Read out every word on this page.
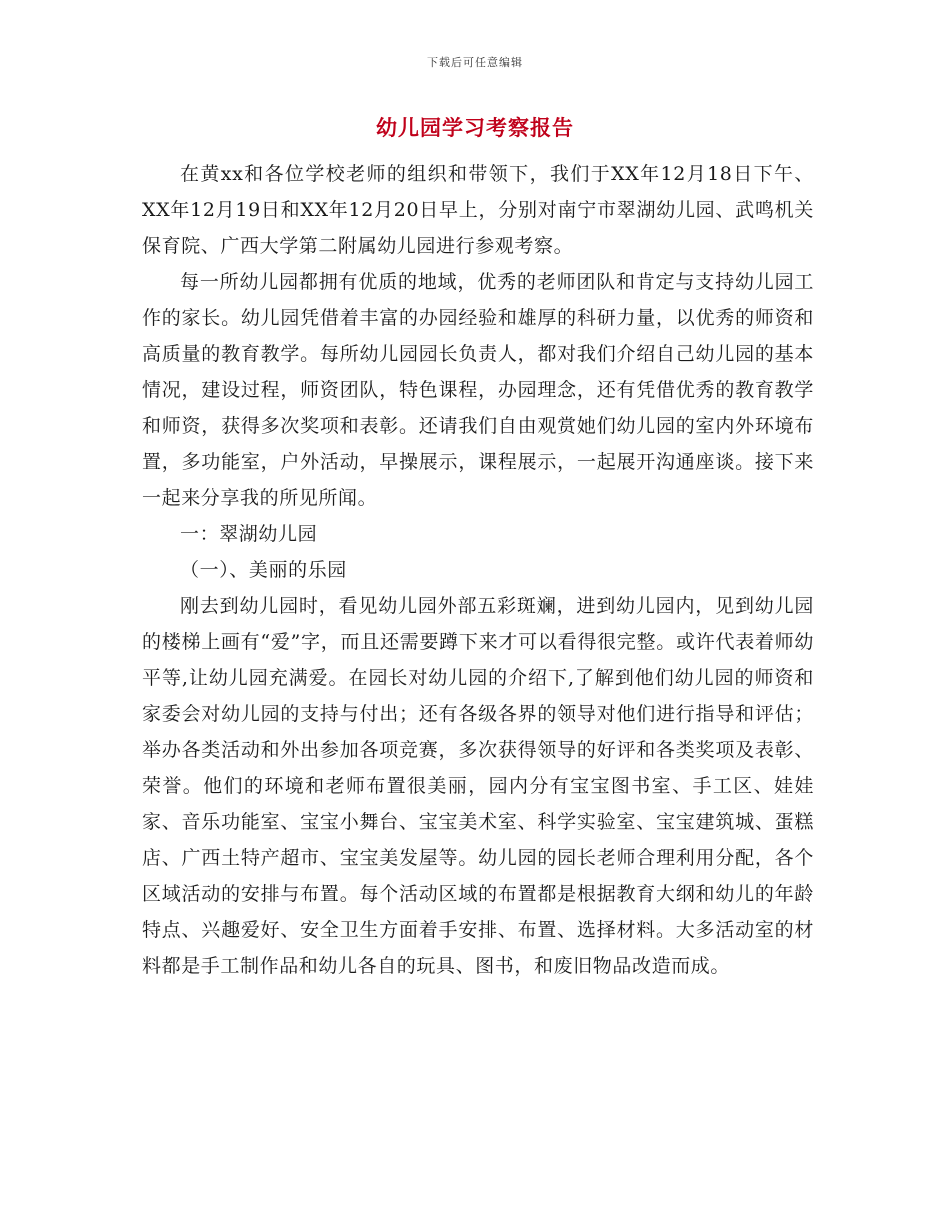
下载后可任意编辑
幼儿园学习考察报告

在黄xx和各位学校老师的组织和带领下，我们于XX年12月18日下午、XX年12月19日和XX年12月20日早上，分别对南宁市翠湖幼儿园、武鸣机关保育院、广西大学第二附属幼儿园进行参观考察。

每一所幼儿园都拥有优质的地域，优秀的老师团队和肯定与支持幼儿园工作的家长。幼儿园凭借着丰富的办园经验和雄厚的科研力量，以优秀的师资和高质量的教育教学。每所幼儿园园长负责人，都对我们介绍自己幼儿园的基本情况，建设过程，师资团队，特色课程，办园理念，还有凭借优秀的教育教学和师资，获得多次奖项和表彰。还请我们自由观赏她们幼儿园的室内外环境布置，多功能室，户外活动，早操展示，课程展示，一起展开沟通座谈。接下来一起来分享我的所见所闻。

一：翠湖幼儿园

（一）、美丽的乐园

刚去到幼儿园时，看见幼儿园外部五彩斑斓，进到幼儿园内，见到幼儿园的楼梯上画有“爱”字，而且还需要蹲下来才可以看得很完整。或许代表着师幼平等,让幼儿园充满爱。在园长对幼儿园的介绍下,了解到他们幼儿园的师资和家委会对幼儿园的支持与付出；还有各级各界的领导对他们进行指导和评估； 举办各类活动和外出参加各项竞赛，多次获得领导的好评和各类奖项及表彰、荣誉。他们的环境和老师布置很美丽，园内分有宝宝图书室、手工区、娃娃家、音乐功能室、宝宝小舞台、宝宝美术室、科学实验室、宝宝建筑城、蛋糕店、广西土特产超市、宝宝美发屋等。幼儿园的园长老师合理利用分配，各个区域活动的安排与布置。每个活动区域的布置都是根据教育大纲和幼儿的年龄特点、兴趣爱好、安全卫生方面着手安排、布置、选择材料。大多活动室的材料都是手工制作品和幼儿各自的玩具、图书，和废旧物品改造而成。
